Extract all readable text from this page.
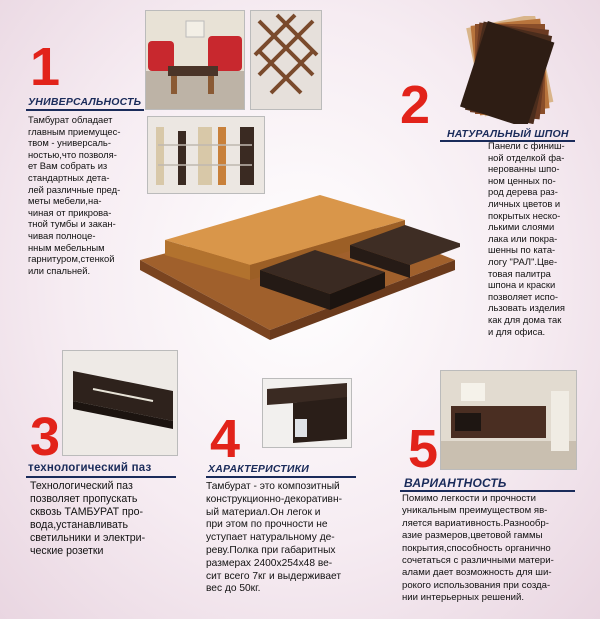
1
УНИВЕРСАЛЬНОСТЬ
Тамбурат обладает
главным приемущес-
твом - универсаль-
ностью,что позволя-
ет Вам собрать из
стандартных детa-
лей различные пред-
меты мебели,на-
чиная от прикрова-
тной тумбы и закан-
чивая полноце-
нным мебельным
гарнитуром,стенкой
или спальней.
2 НАТУРАЛЬНЫЙ ШПОН
Панели с финиш-
ной отделкой фа-
нерованны шпо-
ном ценных по-
род дерева раз-
личных цветов и
покрытых неско-
лькими слоями
лака или покра-
шенны по ката-
логу "РАЛ".Цве-
товая палитра
шпона и краски
позволяет испо-
льзовать изделия
как для дома так
и для офиса.
3
технологический паз
Технологический паз
позволяет пропускать
сквозь ТАМБУРАТ про-
вода,устанавливать
светильники и электри-
ческие розетки
4
ХАРАКТЕРИСТИКИ
Тамбурат - это композитный
конструкционно-декоративн-
ый материал.Он легок и
при этом по прочности не
уступает натуральному де-
реву.Полка при габаритных
размерах 2400х254х48 ве-
сит всего 7кг и выдерживает
вес до 50кг.
5
ВАРИАНТНОСТЬ
Помимо легкости и прочности
уникальным преимуществом яв-
ляется вариативность.Разнообр-
азие размеров,цветовой гаммы
покрытия,способность органично
сочетаться с различными матери-
алами дает возможность для ши-
рокого использования при созда-
нии интерьерных решений.
